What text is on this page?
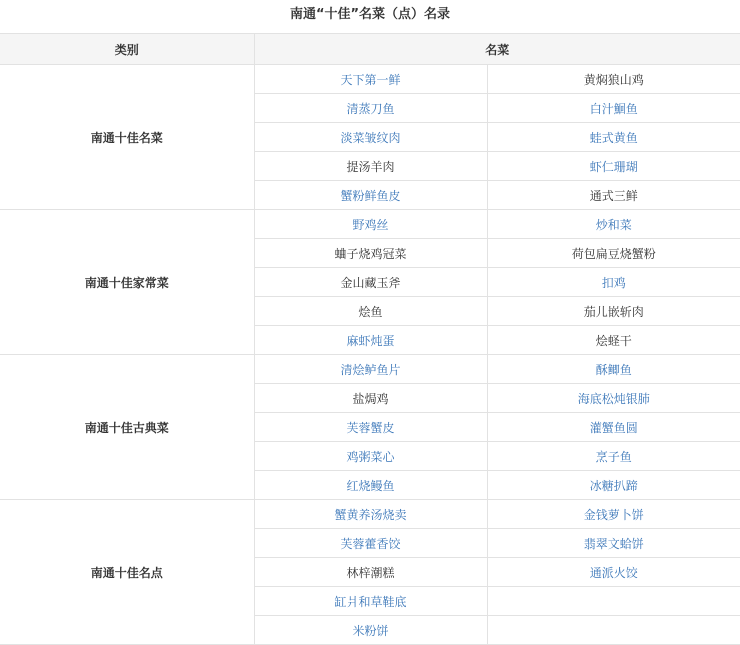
南通“十佳”名菜（点）名录
类别	名菜	
南通十佳名菜	天下第一鲜	黄焖狼山鸡
	清蒸刀鱼	白汁鮰鱼
	淡菜皱纹肉	蛙式黄鱼
	提汤羊肉	虾仁珊瑚
	蟹粉鲜鱼皮	通式三鲜
南通十佳家常菜	野鸡丝	炒和菜
	蛐子烧鸡冠菜	荷包扁豆烧蟹粉
	金山藏玉斧	扣鸡
	烩鱼	茄儿嵌斩肉
	麻虾炖蛋	烩蛏干
南通十佳古典菜	清烩鲈鱼片	酥鲫鱼
	盐焗鸡	海底松炖银肺
	芙蓉蟹皮	灌蟹鱼圆
	鸡粥菜心	烹子鱼
	红烧鳗鱼	冰糖扒蹄
南通十佳名点	蟹黄养汤烧卖	金钱萝卜饼
	芙蓉藿香饺	翡翠文蛤饼
	林梓潮糕	通派火饺
	缸爿和草鞋底	
	米粉饼	
